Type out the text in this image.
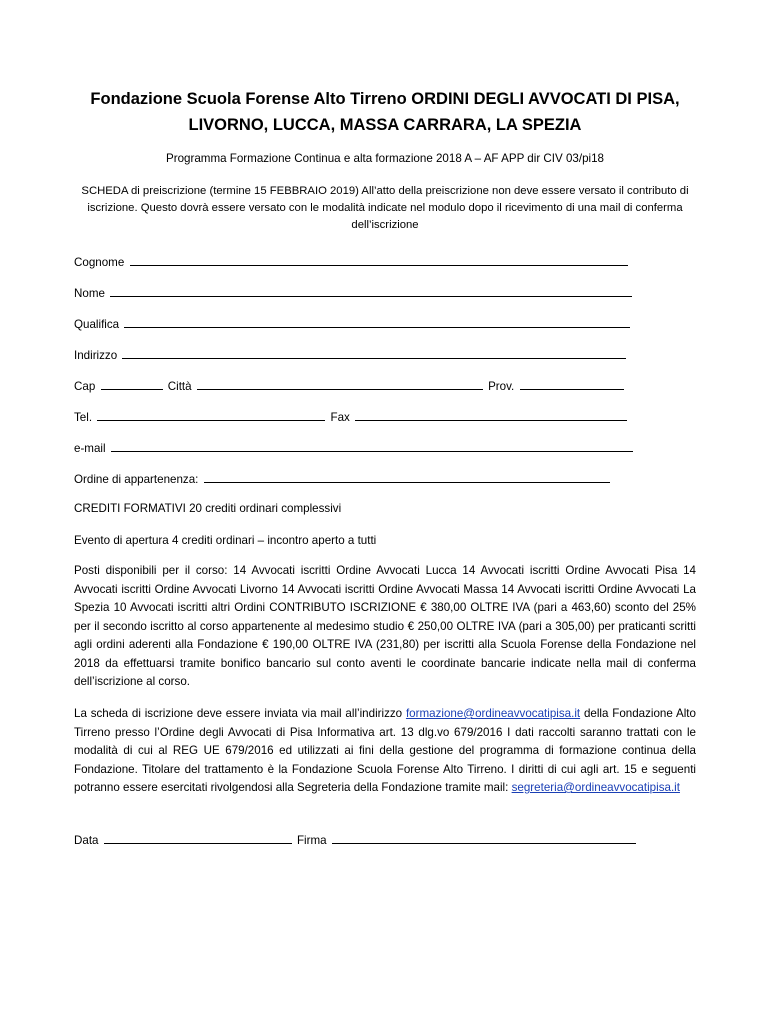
Fondazione Scuola Forense Alto Tirreno ORDINI DEGLI AVVOCATI DI PISA, LIVORNO, LUCCA, MASSA CARRARA, LA SPEZIA
Programma Formazione Continua e alta formazione 2018 A – AF APP dir CIV 03/pi18
SCHEDA di preiscrizione (termine 15 FEBBRAIO 2019) All’atto della preiscrizione non deve essere versato il contributo di iscrizione. Questo dovrà essere versato con le modalità indicate nel modulo dopo il ricevimento di una mail di conferma dell’iscrizione
Cognome
Nome
Qualifica
Indirizzo
Cap	Città	Prov.
Tel.	Fax
e-mail
Ordine di appartenenza:
CREDITI FORMATIVI 20 crediti ordinari complessivi
Evento di apertura 4 crediti ordinari – incontro aperto a tutti
Posti disponibili per il corso: 14 Avvocati iscritti Ordine Avvocati Lucca 14 Avvocati iscritti Ordine Avvocati Pisa 14 Avvocati iscritti Ordine Avvocati Livorno 14 Avvocati iscritti Ordine Avvocati Massa 14 Avvocati iscritti Ordine Avvocati La Spezia 10 Avvocati iscritti altri Ordini CONTRIBUTO ISCRIZIONE € 380,00 OLTRE IVA (pari a 463,60) sconto del 25% per il secondo iscritto al corso appartenente al medesimo studio € 250,00 OLTRE IVA (pari a 305,00) per praticanti scritti agli ordini aderenti alla Fondazione € 190,00 OLTRE IVA (231,80) per iscritti alla Scuola Forense della Fondazione nel 2018 da effettuarsi tramite bonifico bancario sul conto aventi le coordinate bancarie indicate nella mail di conferma dell’iscrizione al corso.
La scheda di iscrizione deve essere inviata via mail all’indirizzo formazione@ordineavvocatipisa.it della Fondazione Alto Tirreno presso l’Ordine degli Avvocati di Pisa Informativa art. 13 dlg.vo 679/2016 I dati raccolti saranno trattati con le modalità di cui al REG UE 679/2016 ed utilizzati ai fini della gestione del programma di formazione continua della Fondazione. Titolare del trattamento è la Fondazione Scuola Forense Alto Tirreno. I diritti di cui agli art. 15 e seguenti potranno essere esercitati rivolgendosi alla Segreteria della Fondazione tramite mail: segreteria@ordineavvocatipisa.it
Data	Firma
